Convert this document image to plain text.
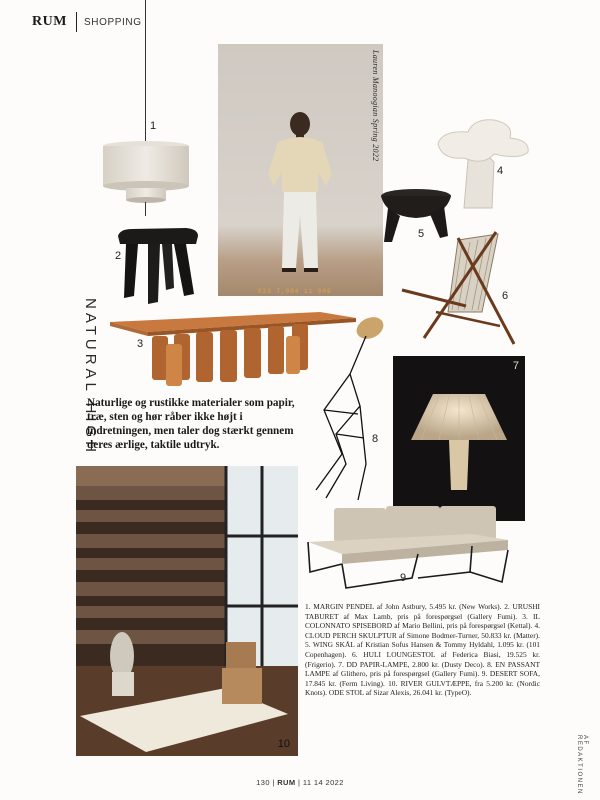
RUM SHOPPING
1
2
Lauren Manoogian Spring 2022
023 7,004 11 009
4
5
6
3
NATURAL HIGH
Naturlige og rustikke materialer som papir, træ, sten og hør råber ikke højt i indretningen, men taler dog stærkt gennem deres ærlige, taktile udtryk.	8
7
10
9
1. MARGIN PENDEL af John Astbury, 5.495 kr. (New Works). 2. URUSHI TABURET af Max Lamb, pris på forespørgsel (Gallery Fumi). 3. IL COLONNATO SPISEBORD af Mario Bellini, pris på forespørgsel (Kettal). 4. CLOUD PERCH SKULPTUR af Simone Bodmer-Turner, 50.833 kr. (Matter). 5. WING SKÅL af Kristian Sofus Hansen & Tommy Hyldahl, 1.095 kr. (101 Copenhagen). 6. HULI LOUNGESTOL af Federica Biasi, 19.525 kr. (Frigerio). 7. DD PAPIR-LAMPE, 2.800 kr. (Dusty Deco). 8. EN PASSANT LAMPE af Glithero, pris på forespørgsel (Gallery Fumi). 9. DESERT SOFA, 17.845 kr. (Ferm Living). 10. RIVER GULVTÆPPE, fra 5.200 kr. (Nordic Knots). ODE STOL af Sizar Alexis, 26.041 kr. (TypeO).
AF REDAKTIONEN
130 | RUM | 11 14 2022
